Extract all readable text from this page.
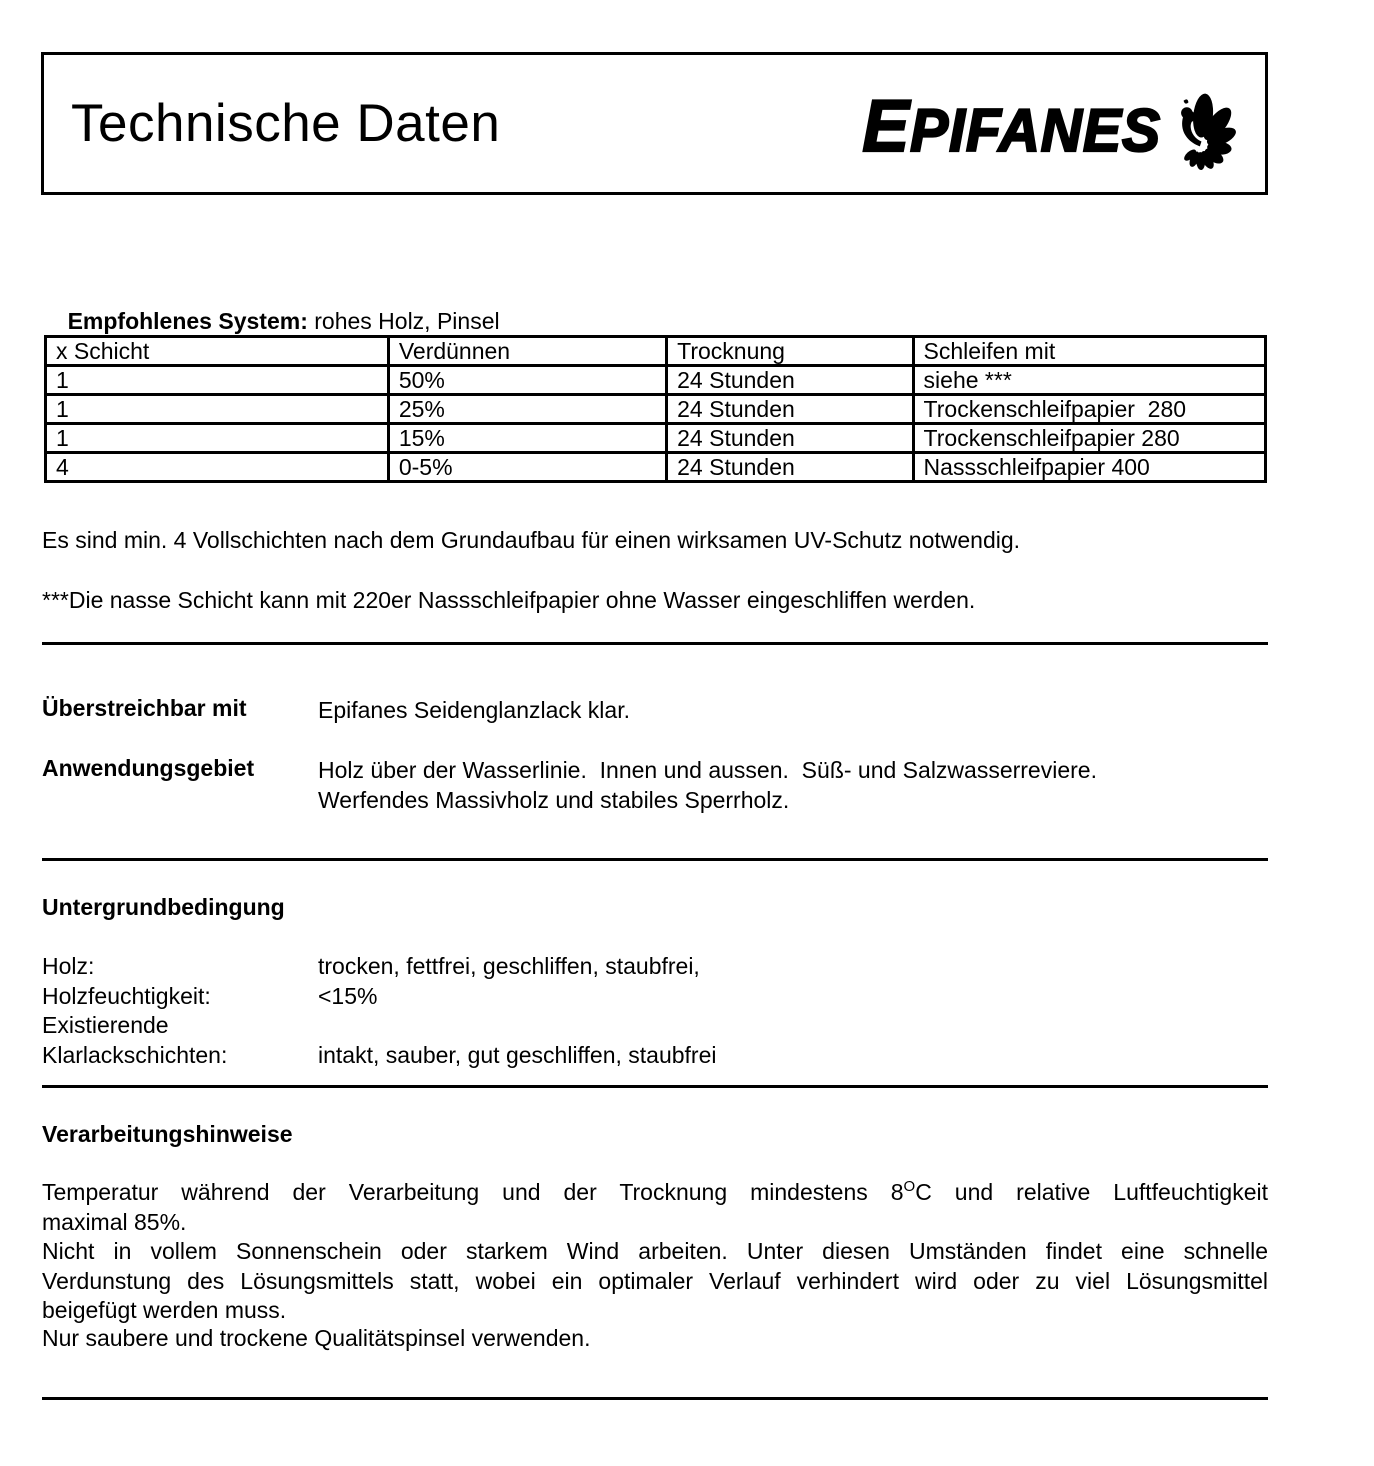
Technische Daten	EPIFANES

Empfohlenes System: rohes Holz, Pinsel

x Schicht	Verdünnen	Trocknung	Schleifen mit
1	50%	24 Stunden	siehe ***
1	25%	24 Stunden	Trockenschleifpapier  280
1	15%	24 Stunden	Trockenschleifpapier 280
4	0-5%	24 Stunden	Nassschleifpapier 400
Es sind min. 4 Vollschichten nach dem Grundaufbau für einen wirksamen UV-Schutz notwendig.
***Die nasse Schicht kann mit 220er Nassschleifpapier ohne Wasser eingeschliffen werden.
Überstreichbar mit	Epifanes Seidenglanzlack klar.
Anwendungsgebiet	Holz über der Wasserlinie.  Innen und aussen.  Süß- und Salzwasserreviere.
Werfendes Massivholz und stabiles Sperrholz.
Untergrundbedingung
Holz:	trocken, fettfrei, geschliffen, staubfrei,
Holzfeuchtigkeit:	<15%
Existierende
Klarlackschichten:	intakt, sauber, gut geschliffen, staubfrei
Verarbeitungshinweise
Temperatur während der Verarbeitung und der Trocknung mindestens $8^OC$ und relative Luftfeuchtigkeit
maximal 85%.
Nicht in vollem Sonnenschein oder starkem Wind arbeiten. Unter diesen Umständen findet eine schnelle
Verdunstung des Lösungsmittels statt, wobei ein optimaler Verlauf verhindert wird oder zu viel Lösungsmittel
beigefügt werden muss.
Nur saubere und trockene Qualitätspinsel verwenden.
